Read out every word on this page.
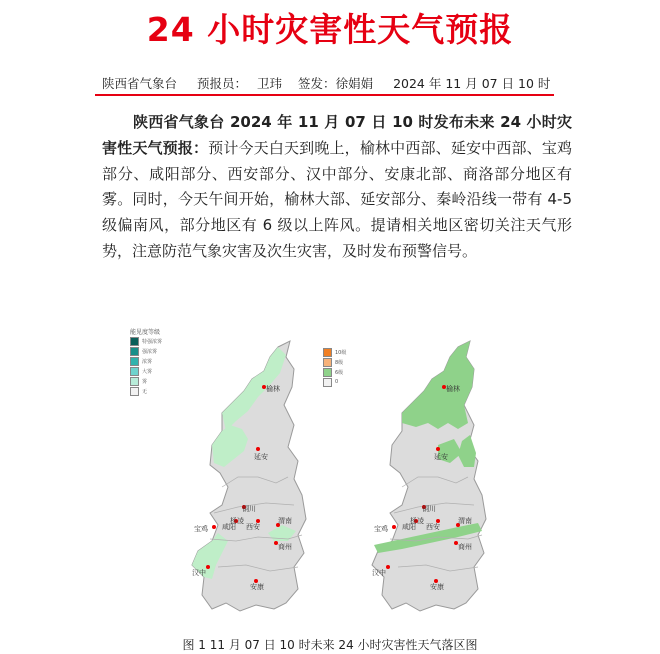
24 小时灾害性天气预报
陕西省气象台 预报员： 卫玮 签发：徐娟娟 2024 年 11 月 07 日 10 时
陕西省气象台 2024 年 11 月 07 日 10 时发布未来 24 小时灾害性天气预报：预计今天白天到晚上，榆林中西部、延安中西部、宝鸡部分、咸阳部分、西安部分、汉中部分、安康北部、商洛部分地区有雾。同时，今天午间开始，榆林大部、延安部分、秦岭沿线一带有 4-5 级偏南风，部分地区有 6 级以上阵风。提请相关地区密切关注天气形势，注意防范气象灾害及次生灾害，及时发布预警信号。
榆林
延安
宝鸡
铜川
咸阳 西安
渭南
杨凌
商州
汉中
安康
榆林
延安
宝鸡
铜川
咸阳 西安
渭南
杨凌
商州
汉中
安康
能见度等级
特强浓雾
强浓雾
浓雾
大雾
雾
无
10级
8级
6级
0
图 1 11 月 07 日 10 时未来 24 小时灾害性天气落区图
